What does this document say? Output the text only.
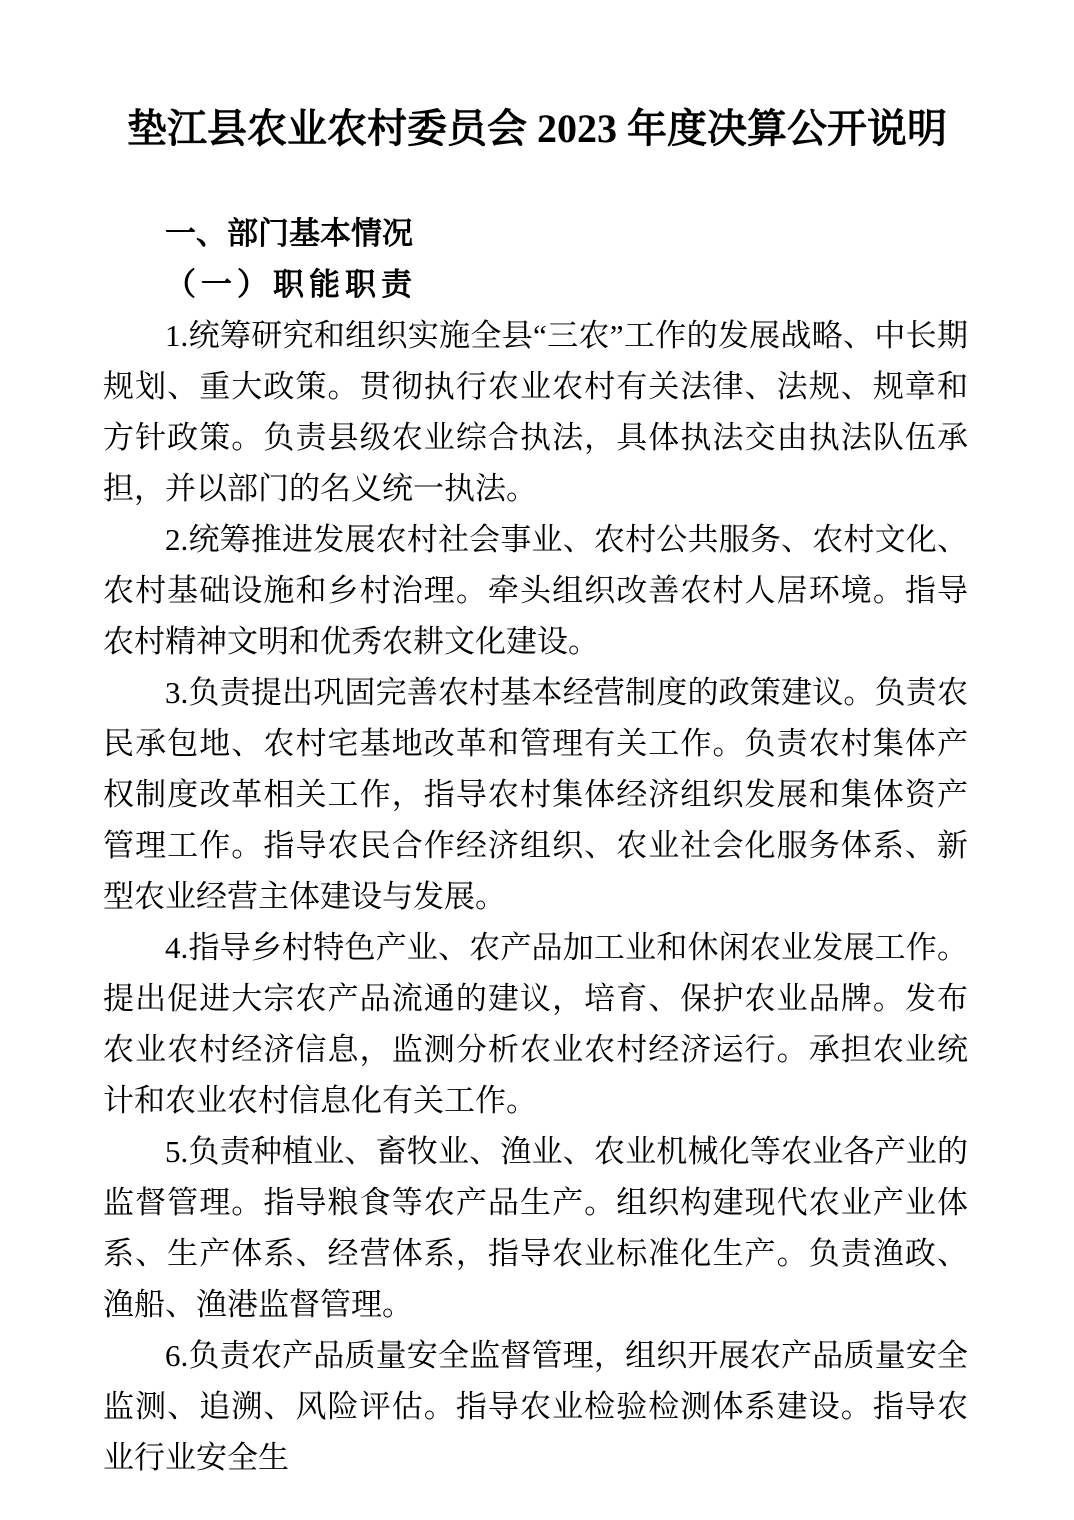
垫江县农业农村委员会 2023 年度决算公开说明
一、部门基本情况
（一）职能职责

1.统筹研究和组织实施全县“三农”工作的发展战略、中长期规划、重大政策。贯彻执行农业农村有关法律、法规、规章和方针政策。负责县级农业综合执法，具体执法交由执法队伍承担，并以部门的名义统一执法。

2.统筹推进发展农村社会事业、农村公共服务、农村文化、农村基础设施和乡村治理。牵头组织改善农村人居环境。指导农村精神文明和优秀农耕文化建设。

3.负责提出巩固完善农村基本经营制度的政策建议。负责农民承包地、农村宅基地改革和管理有关工作。负责农村集体产权制度改革相关工作，指导农村集体经济组织发展和集体资产管理工作。指导农民合作经济组织、农业社会化服务体系、新型农业经营主体建设与发展。

4.指导乡村特色产业、农产品加工业和休闲农业发展工作。提出促进大宗农产品流通的建议，培育、保护农业品牌。发布农业农村经济信息，监测分析农业农村经济运行。承担农业统计和农业农村信息化有关工作。

5.负责种植业、畜牧业、渔业、农业机械化等农业各产业的监督管理。指导粮食等农产品生产。组织构建现代农业产业体系、生产体系、经营体系，指导农业标准化生产。负责渔政、渔船、渔港监督管理。

6.负责农产品质量安全监督管理，组织开展农产品质量安全监测、追溯、风险评估。指导农业检验检测体系建设。指导农业行业安全生
